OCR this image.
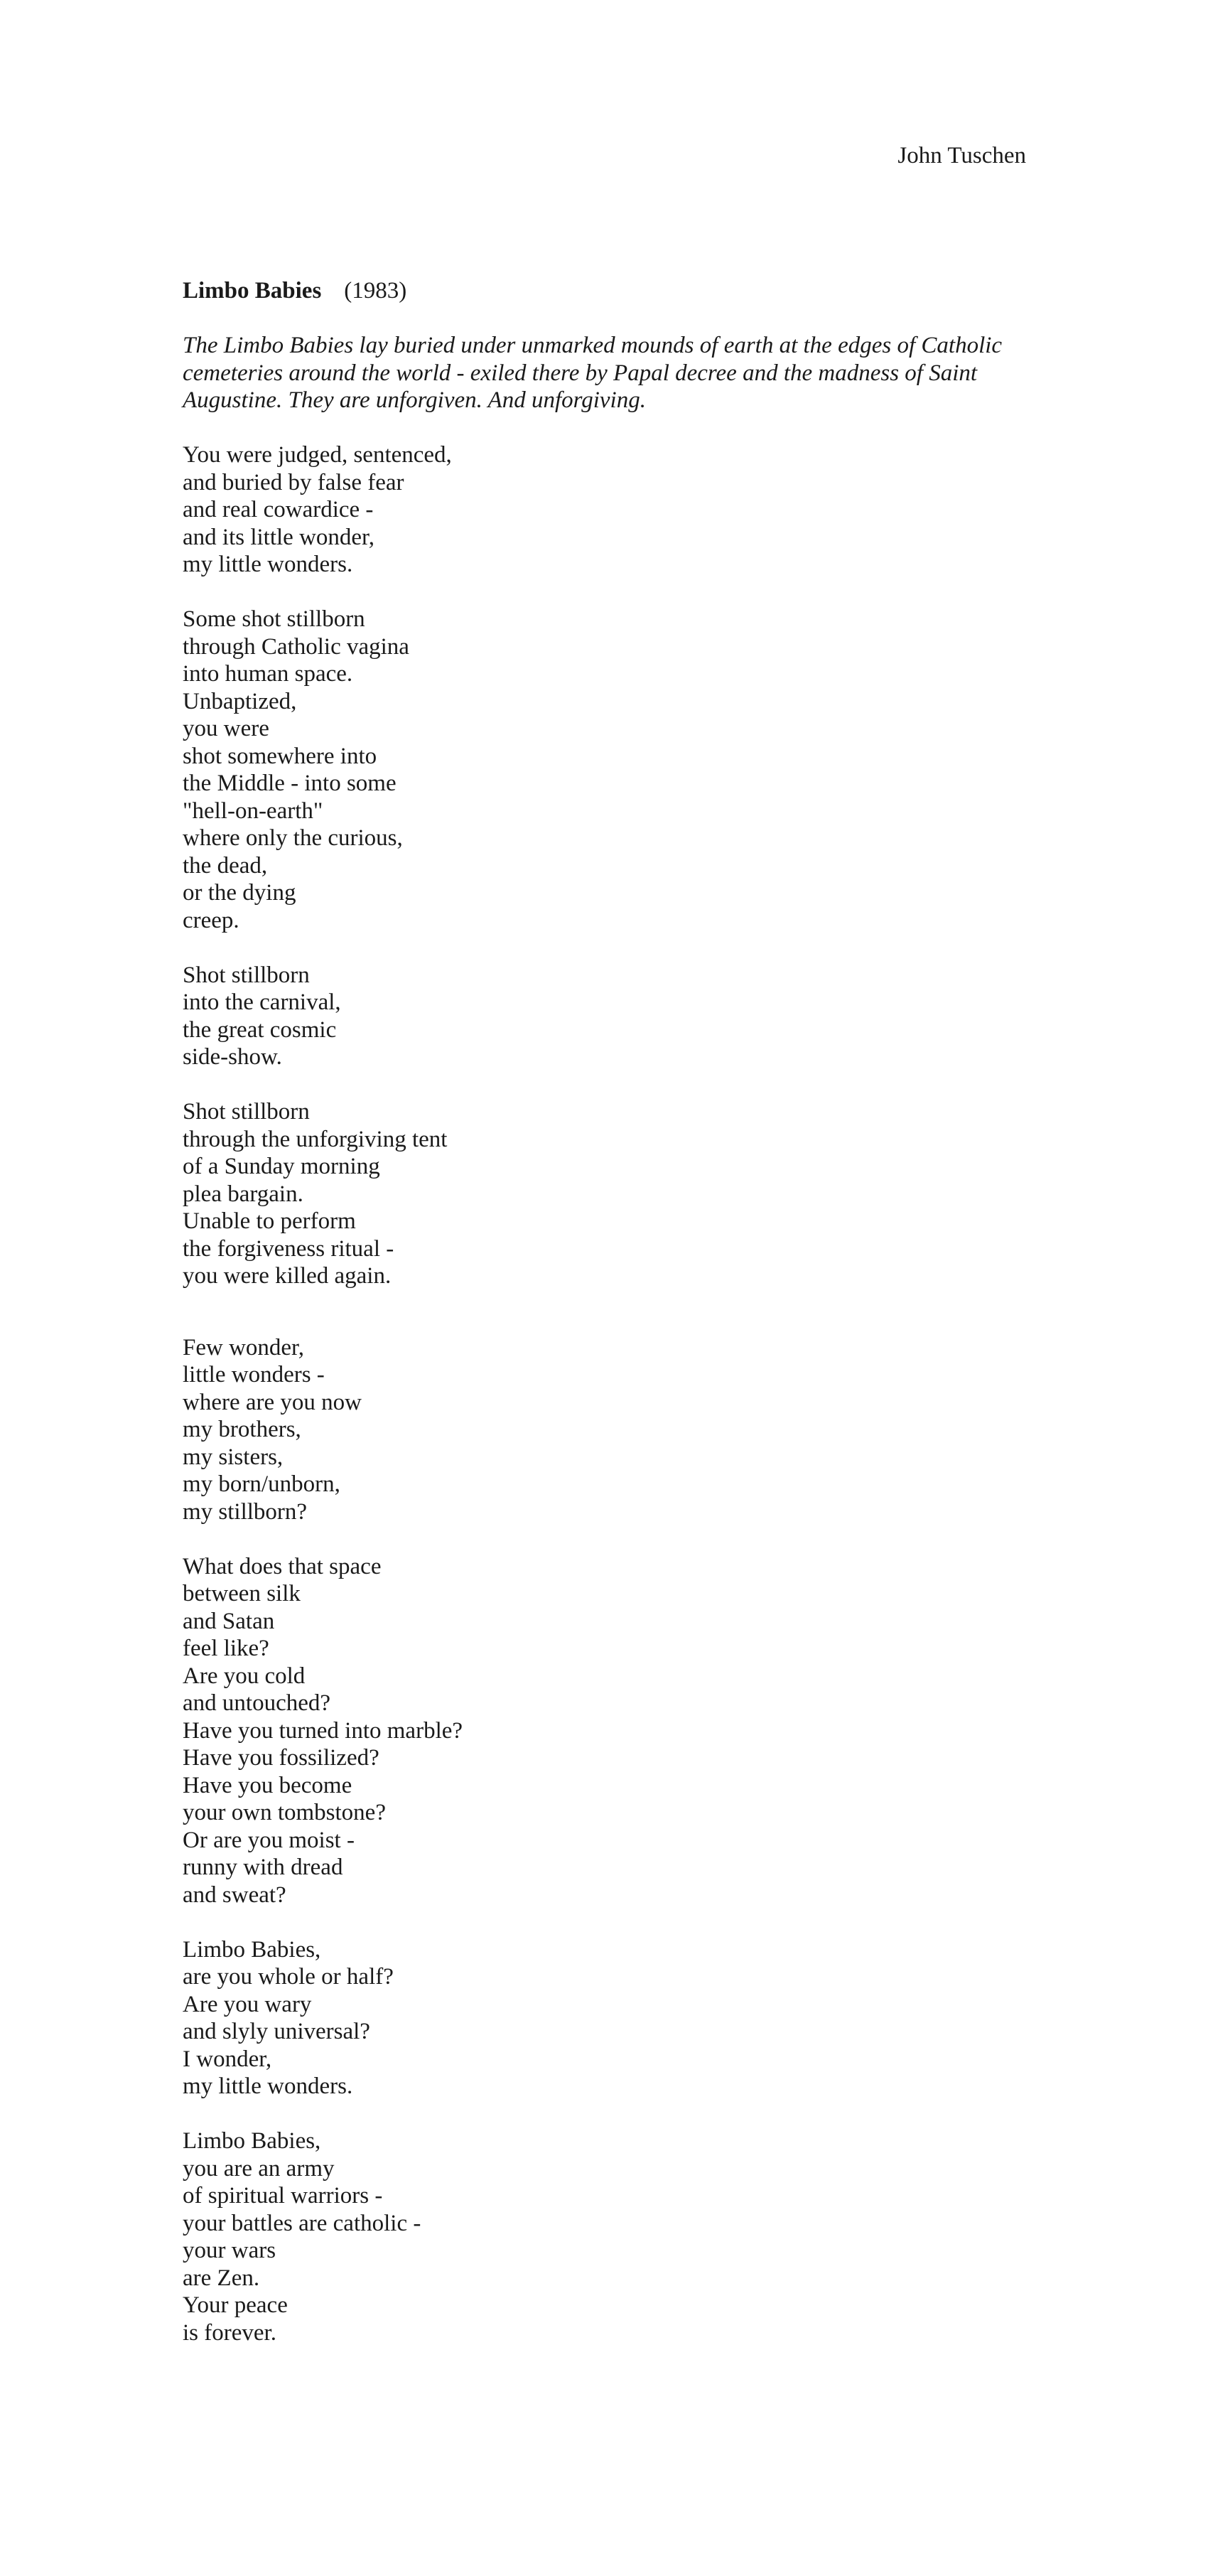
John Tuschen

Limbo Babies (1983)

The Limbo Babies lay buried under unmarked mounds of earth at the edges of Catholic cemeteries around the world - exiled there by Papal decree and the madness of Saint Augustine. They are unforgiven. And unforgiving.

You were judged, sentenced,
and buried by false fear
and real cowardice -
and its little wonder,
my little wonders.

Some shot stillborn
through Catholic vagina
into human space.
Unbaptized,
you were
shot somewhere into
the Middle - into some
"hell-on-earth"
where only the curious,
the dead,
or the dying
creep.

Shot stillborn
into the carnival,
the great cosmic
side-show.

Shot stillborn
through the unforgiving tent
of a Sunday morning
plea bargain.
Unable to perform
the forgiveness ritual -
you were killed again.

Few wonder,
little wonders -
where are you now
my brothers,
my sisters,
my born/unborn,
my stillborn?

What does that space
between silk
and Satan
feel like?
Are you cold
and untouched?
Have you turned into marble?
Have you fossilized?
Have you become
your own tombstone?
Or are you moist -
runny with dread
and sweat?

Limbo Babies,
are you whole or half?
Are you wary
and slyly universal?
I wonder,
my little wonders.

Limbo Babies,
you are an army
of spiritual warriors -
your battles are catholic -
your wars
are Zen.
Your peace
is forever.
